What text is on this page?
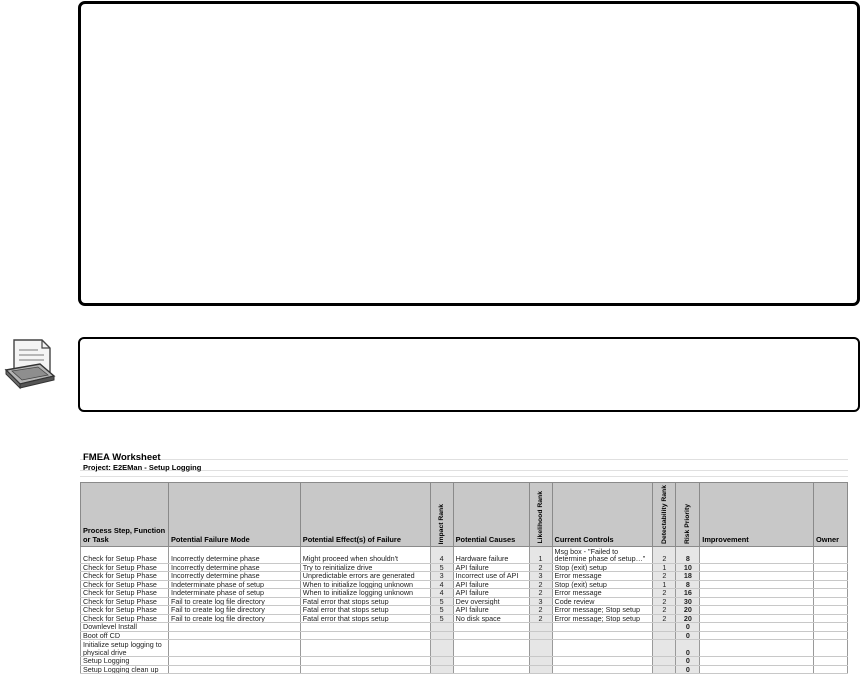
FMEA Worksheet
Project: E2EMan - Setup Logging
Process Step, Function or Task	Potential Failure Mode	Potential Effect(s) of Failure	Impact Rank	Potential Causes	Likelihood Rank	Current Controls	Detectability Rank	Risk Priority	Improvement	Owner
Check for Setup Phase	Incorrectly determine phase	Might proceed when shouldn't	4	Hardware failure	1	Msg box - "Failed to determine phase of setup…"	2	8		
Check for Setup Phase	Incorrectly determine phase	Try to reinitialize drive	5	API failure	2	Stop (exit) setup	1	10		
Check for Setup Phase	Incorrectly determine phase	Unpredictable errors are generated	3	Incorrect use of API	3	Error message	2	18		
Check for Setup Phase	Indeterminate phase of setup	When to initialize logging unknown	4	API failure	2	Stop (exit) setup	1	8		
Check for Setup Phase	Indeterminate phase of setup	When to initialize logging unknown	4	API failure	2	Error message	2	16		
Check for Setup Phase	Fail to create log file directory	Fatal error that stops setup	5	Dev oversight	3	Code review	2	30		
Check for Setup Phase	Fail to create log file directory	Fatal error that stops setup	5	API failure	2	Error message; Stop setup	2	20		
Check for Setup Phase	Fail to create log file directory	Fatal error that stops setup	5	No disk space	2	Error message; Stop setup	2	20		
Downlevel Install								0		
Boot off CD								0		
Initialize setup logging to physical drive								0		
Setup Logging								0		
Setup Logging clean up								0		
